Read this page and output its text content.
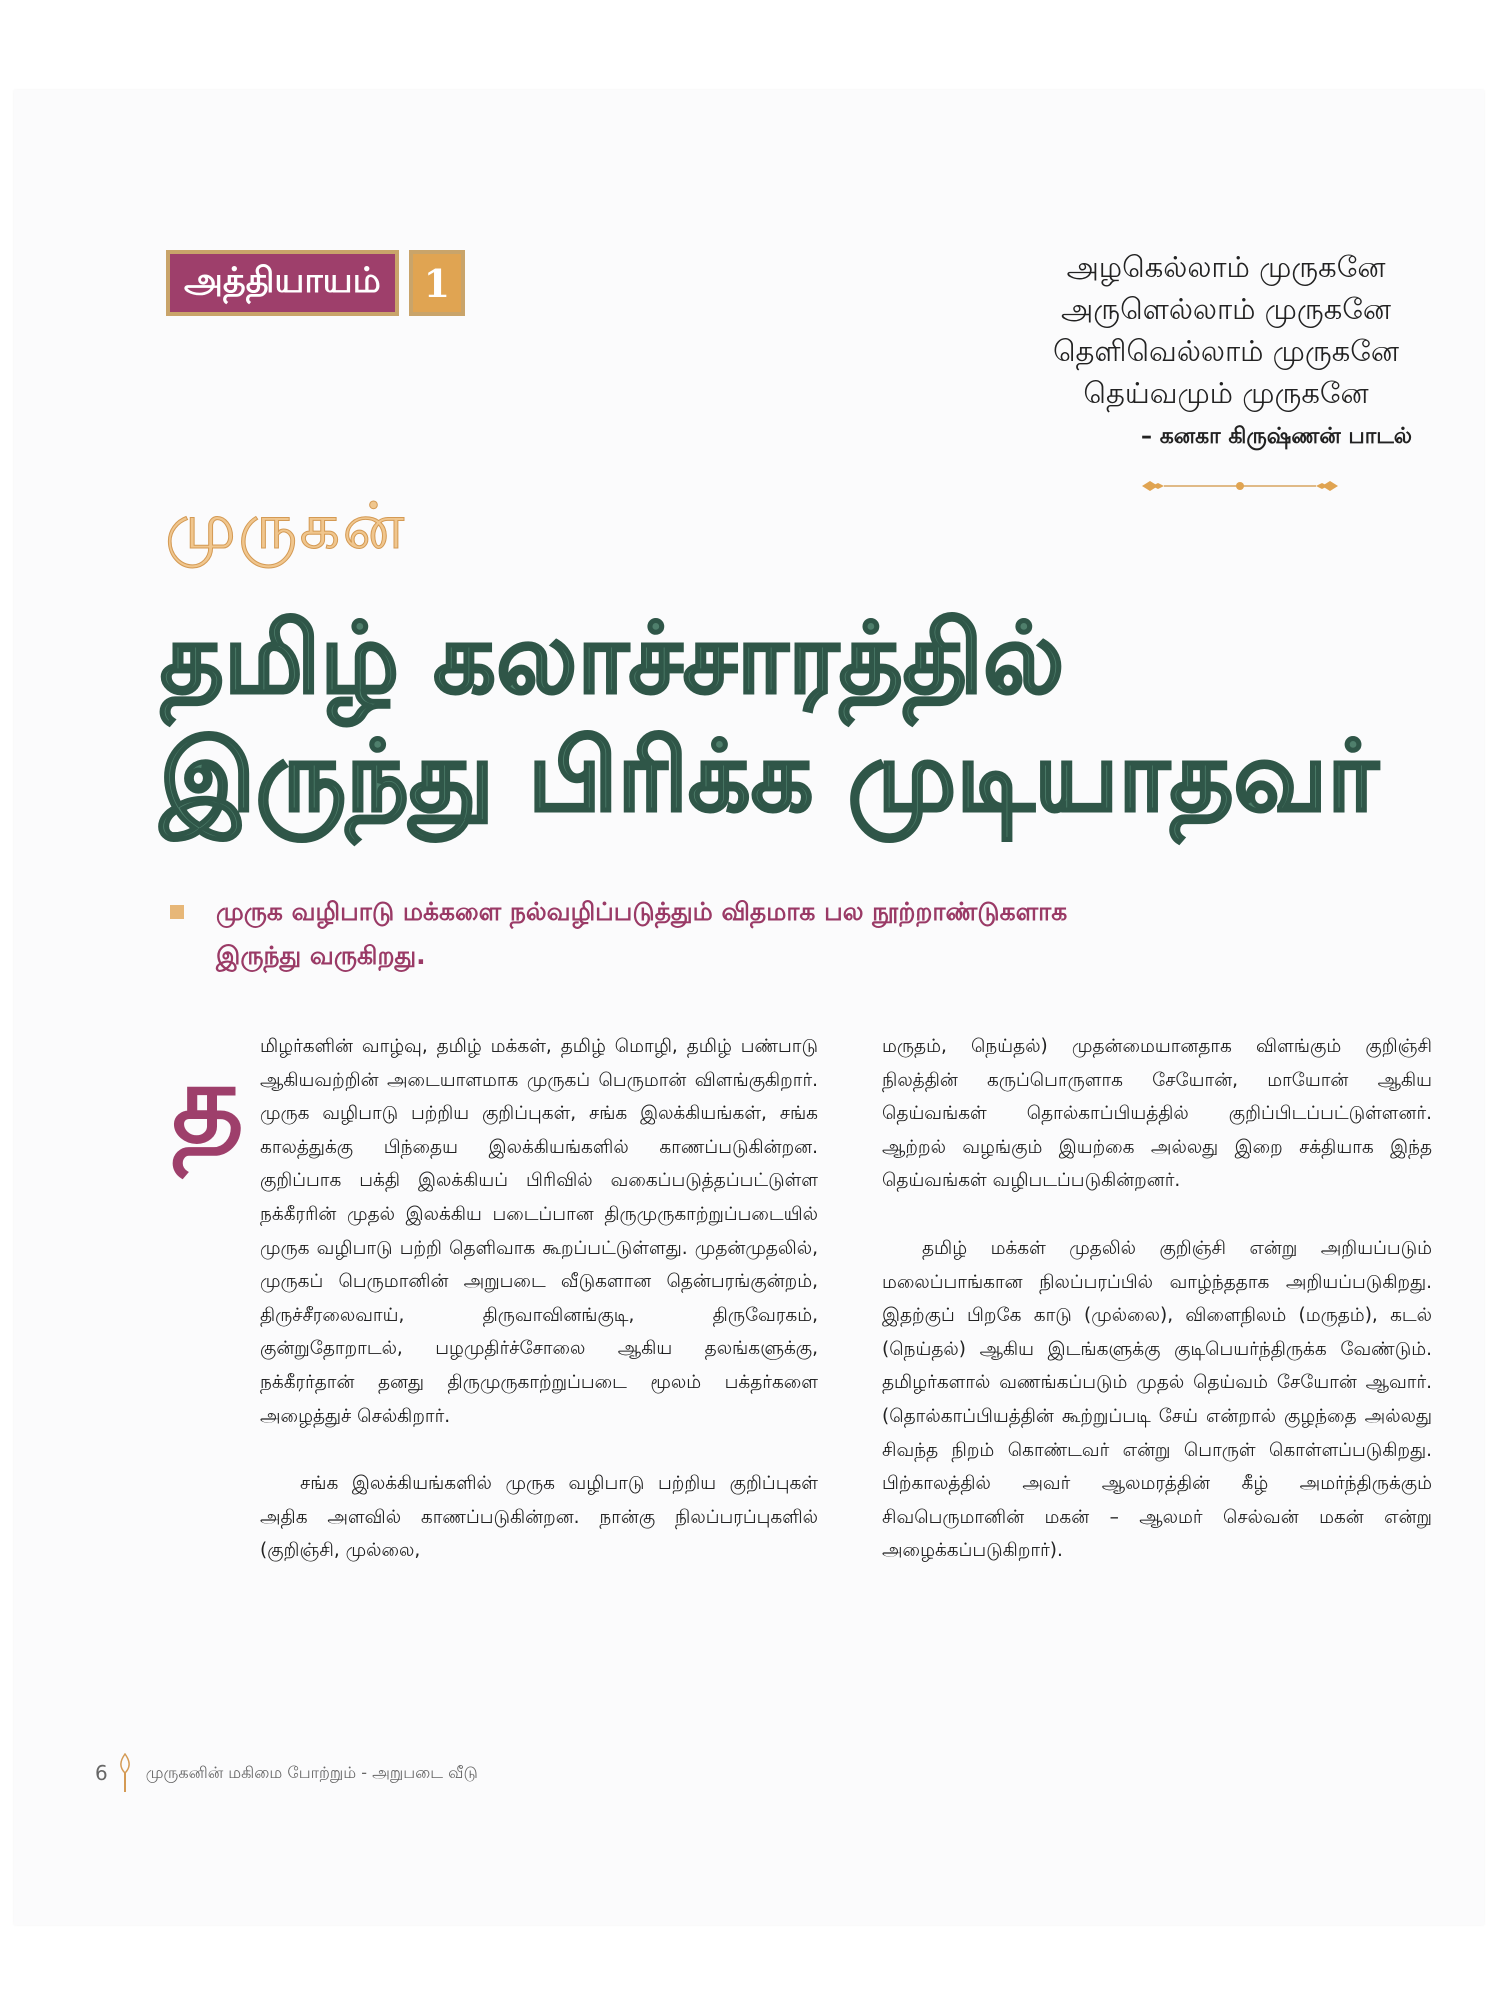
அத்தியாயம்	1	அழகெல்லாம் முருகனே
அருளெல்லாம் முருகனே
தெளிவெல்லாம் முருகனே
தெய்வமும் முருகனே
– கனகா கிருஷ்ணன் பாடல்
முருகன்
தமிழ் கலாச்சாரத்தில்
இருந்து பிரிக்க முடியாதவர்
முருக வழிபாடு மக்களை நல்வழிப்படுத்தும் விதமாக பல நூற்றாண்டுகளாக
இருந்து வருகிறது.
த மிழர்களின் வாழ்வு, தமிழ் மக்கள், தமிழ் மொழி, தமிழ் பண்பாடு ஆகியவற்றின் அடையாளமாக முருகப் பெருமான் விளங்குகிறார். முருக வழிபாடு பற்றிய குறிப்புகள், சங்க இலக்கியங்கள், சங்க காலத்துக்கு பிந்தைய இலக்கியங்களில் காணப்படுகின்றன. குறிப்பாக பக்தி இலக்கியப் பிரிவில் வகைப்படுத்தப்பட்டுள்ள நக்கீரரின் முதல் இலக்கிய படைப்பான திருமுருகாற்றுப்படையில் முருக வழிபாடு பற்றி தெளிவாக கூறப்பட்டுள்ளது. முதன்முதலில், முருகப் பெருமானின் அறுபடை வீடுகளான தென்பரங்குன்றம், திருச்சீரலைவாய், திருவாவினங்குடி, திருவேரகம், குன்றுதோறாடல், பழமுதிர்ச்சோலை ஆகிய தலங்களுக்கு, நக்கீரர்தான் தனது திருமுருகாற்றுப்படை மூலம் பக்தர்களை அழைத்துச் செல்கிறார்.

சங்க இலக்கியங்களில் முருக வழிபாடு பற்றிய குறிப்புகள் அதிக அளவில் காணப்படுகின்றன. நான்கு நிலப்பரப்புகளில் (குறிஞ்சி, முல்லை,

மருதம், நெய்தல்) முதன்மையானதாக விளங்கும் குறிஞ்சி நிலத்தின் கருப்பொருளாக சேயோன், மாயோன் ஆகிய தெய்வங்கள் தொல்காப்பியத்தில் குறிப்பிடப்பட்டுள்ளனர். ஆற்றல் வழங்கும் இயற்கை அல்லது இறை சக்தியாக இந்த தெய்வங்கள் வழிபடப்படுகின்றனர்.

தமிழ் மக்கள் முதலில் குறிஞ்சி என்று அறியப்படும் மலைப்பாங்கான நிலப்பரப்பில் வாழ்ந்ததாக அறியப்படுகிறது. இதற்குப் பிறகே காடு (முல்லை), விளைநிலம் (மருதம்), கடல் (நெய்தல்) ஆகிய இடங்களுக்கு குடிபெயர்ந்திருக்க வேண்டும். தமிழர்களால் வணங்கப்படும் முதல் தெய்வம் சேயோன் ஆவார். (தொல்காப்பியத்தின் கூற்றுப்படி சேய் என்றால் குழந்தை அல்லது சிவந்த நிறம் கொண்டவர் என்று பொருள் கொள்ளப்படுகிறது. பிற்காலத்தில் அவர் ஆலமரத்தின் கீழ் அமர்ந்திருக்கும் சிவபெருமானின் மகன் – ஆலமர் செல்வன் மகன் என்று அழைக்கப்படுகிறார்).

6 முருகனின் மகிமை போற்றும் - அறுபடை வீடு
